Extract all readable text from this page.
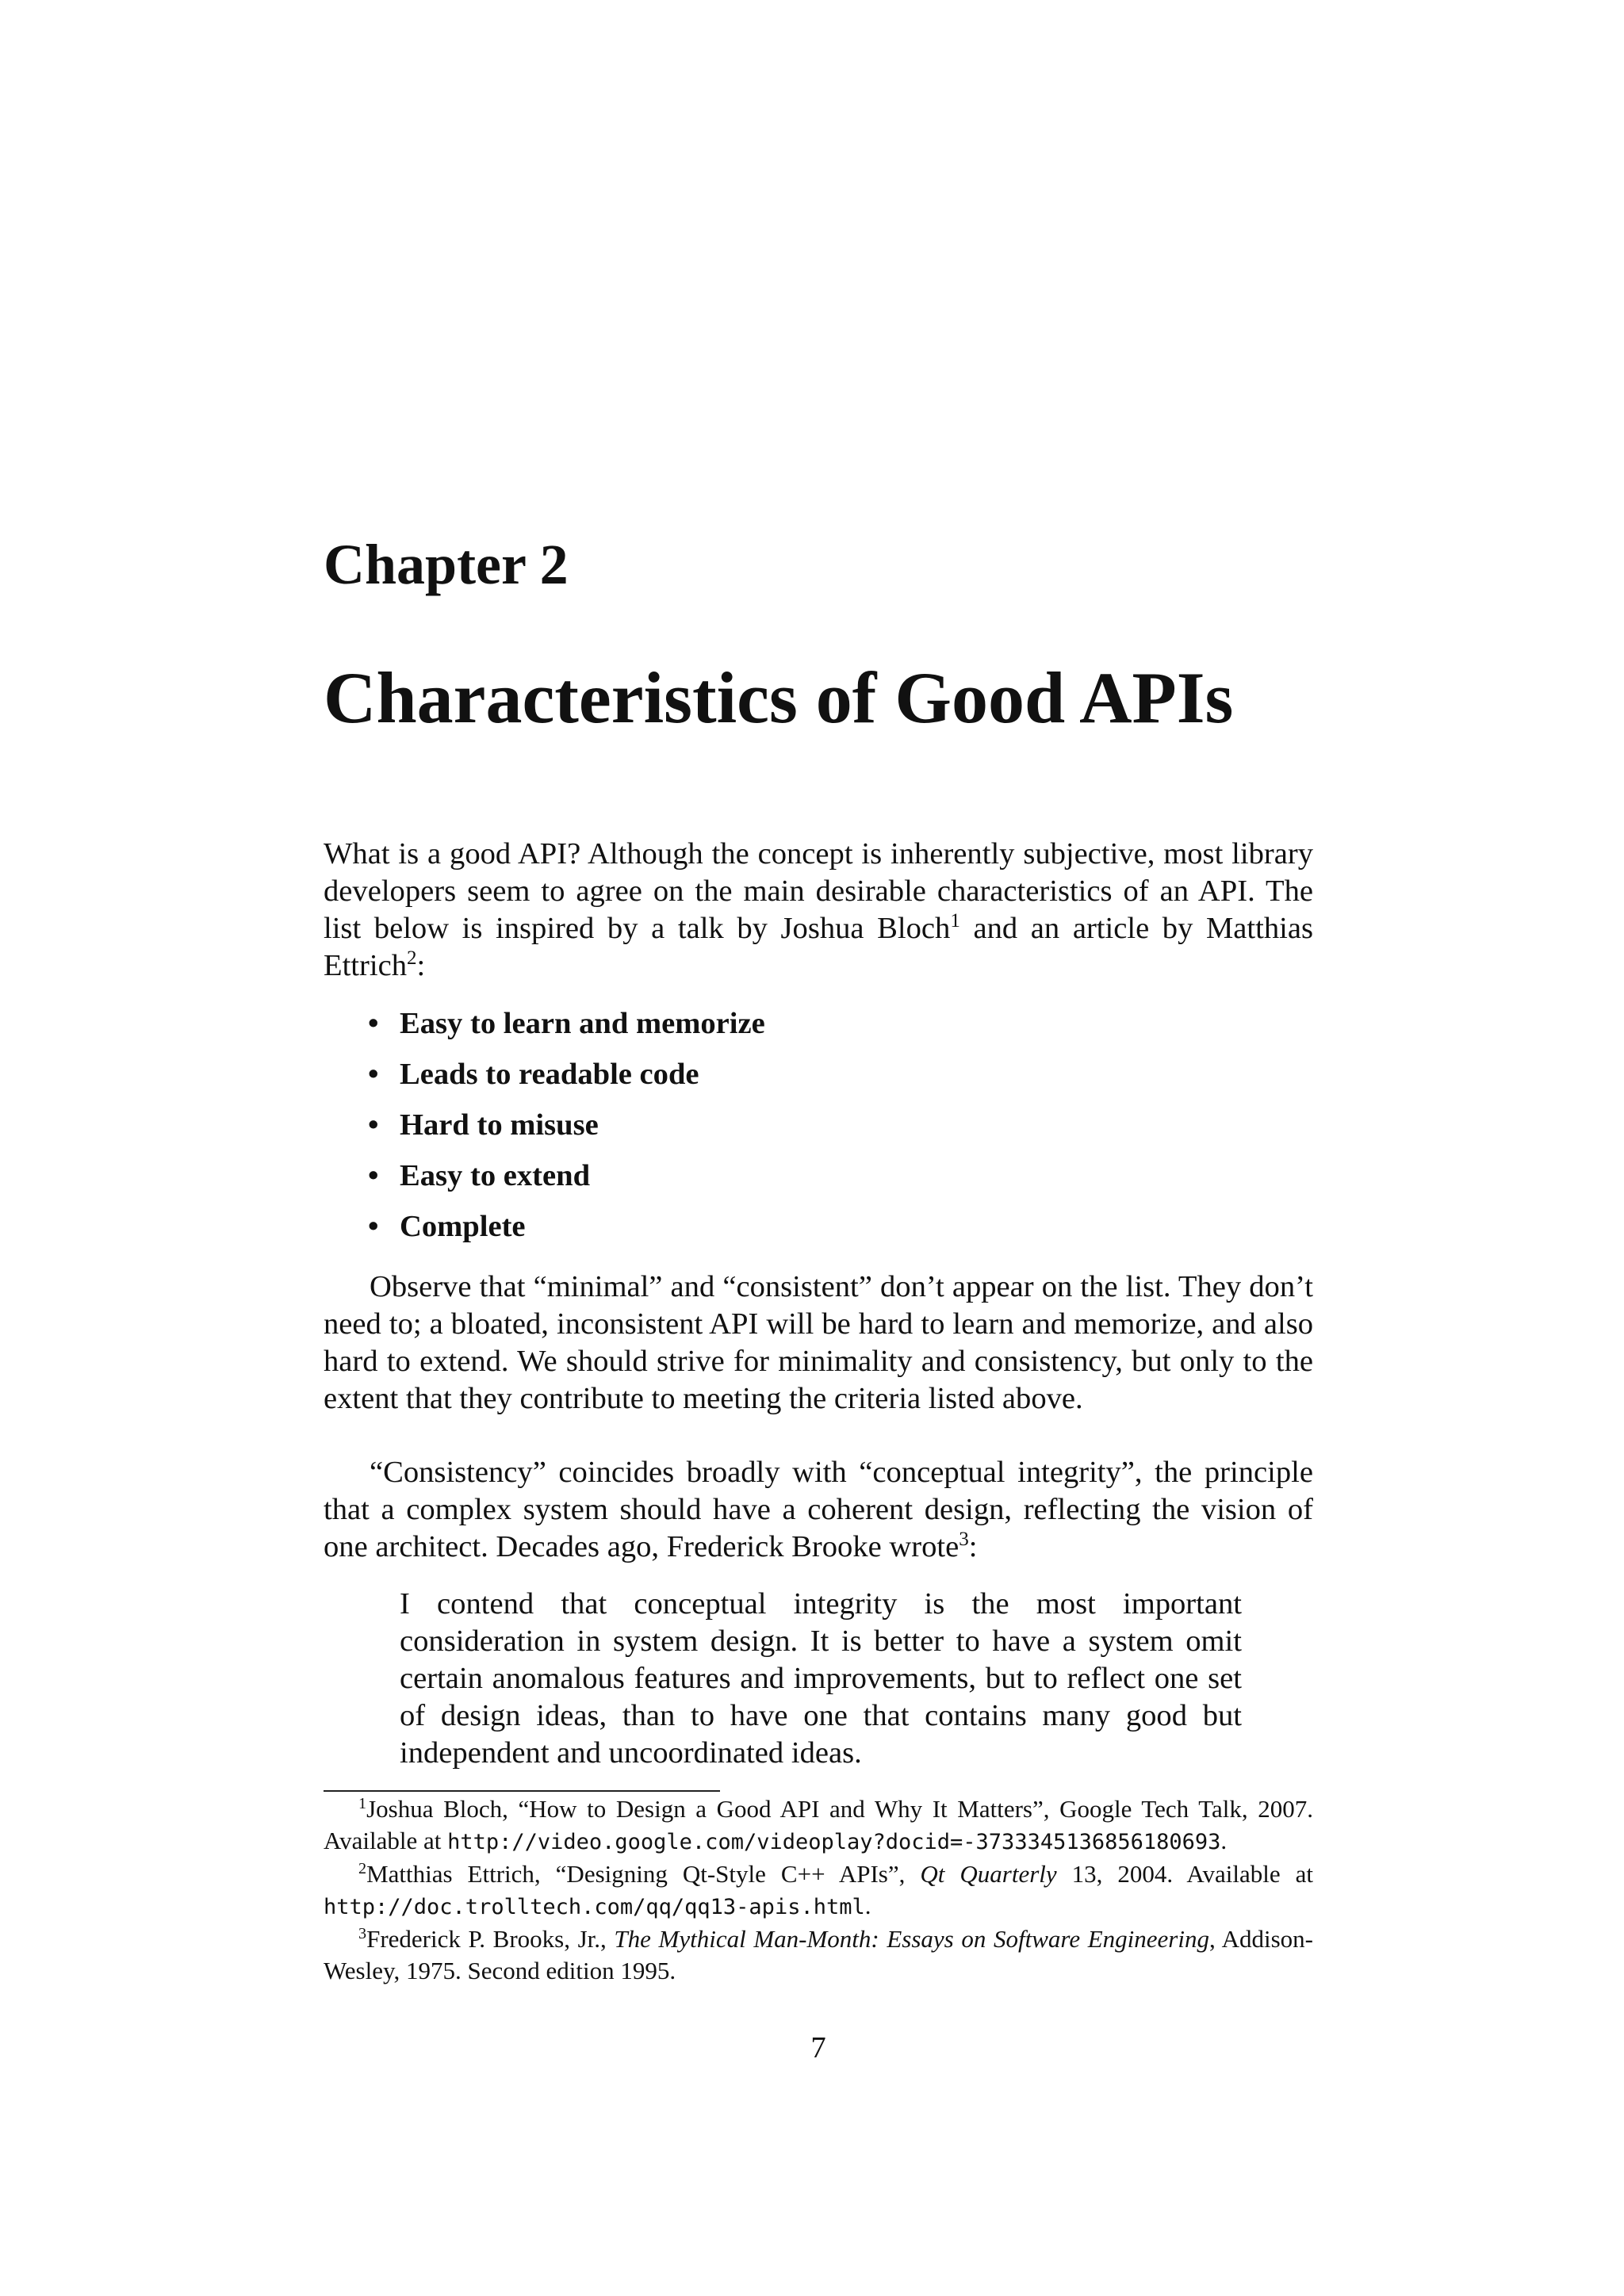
Chapter 2
Characteristics of Good APIs
What is a good API? Although the concept is inherently subjective, most library developers seem to agree on the main desirable characteristics of an API. The list below is inspired by a talk by Joshua Bloch$^1$ and an article by Matthias Ettrich$^2$:
• Easy to learn and memorize
• Leads to readable code
• Hard to misuse
• Easy to extend
• Complete
Observe that “minimal” and “consistent” don’t appear on the list. They don’t need to; a bloated, inconsistent API will be hard to learn and memorize, and also hard to extend. We should strive for minimality and consistency, but only to the extent that they contribute to meeting the criteria listed above.
“Consistency” coincides broadly with “conceptual integrity”, the principle that a complex system should have a coherent design, reflecting the vision of one architect. Decades ago, Frederick Brooke wrote$^3$:
I contend that conceptual integrity is the most important consideration in system design. It is better to have a system omit certain anomalous features and improvements, but to reflect one set of design ideas, than to have one that contains many good but independent and uncoordinated ideas.

$^1$Joshua Bloch, “How to Design a Good API and Why It Matters”, Google Tech Talk, 2007. Available at http://video.google.com/videoplay?docid=-3733345136856180693.

$^2$Matthias Ettrich, “Designing Qt-Style C++ APIs”, Qt Quarterly 13, 2004. Available at http://doc.trolltech.com/qq/qq13-apis.html.

$^3$Frederick P. Brooks, Jr., The Mythical Man-Month: Essays on Software Engineering, Addison-Wesley, 1975. Second edition 1995.

7
